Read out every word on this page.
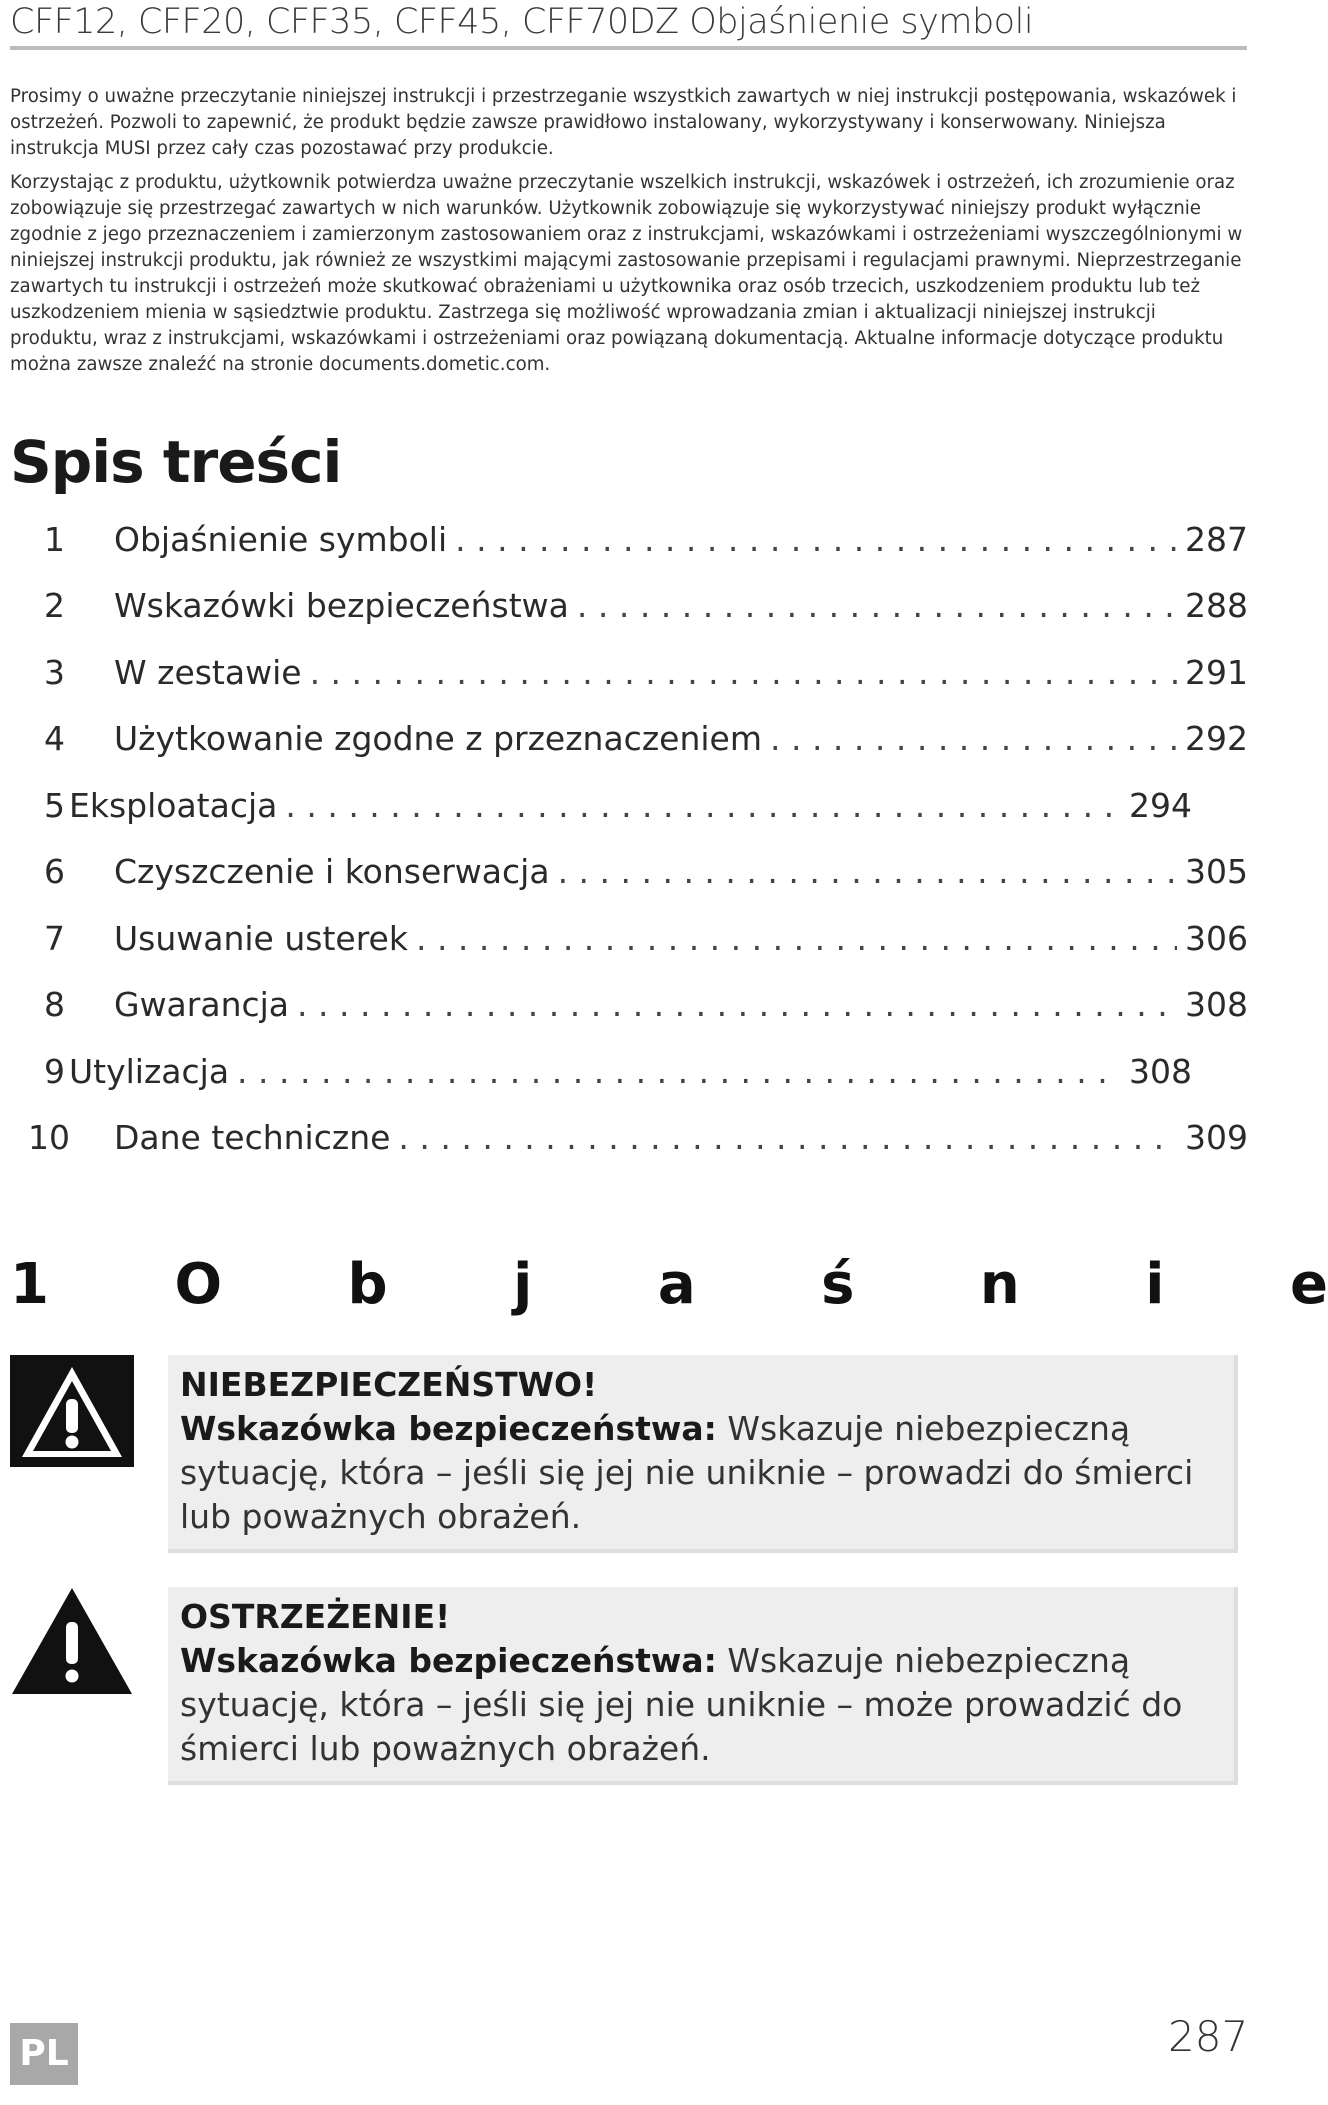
CFF12, CFF20, CFF35, CFF45, CFF70DZ Objaśnienie symboli

Prosimy o uważne przeczytanie niniejszej instrukcji i przestrzeganie wszystkich zawartych w niej instrukcji postępowania, wskazówek i ostrzeżeń. Pozwoli to zapewnić, że produkt będzie zawsze prawidłowo instalowany, wykorzystywany i konserwowany. Niniejsza instrukcja MUSI przez cały czas pozostawać przy produkcie.

Korzystając z produktu, użytkownik potwierdza uważne przeczytanie wszelkich instrukcji, wskazówek i ostrzeżeń, ich zrozumienie oraz zobowiązuje się przestrzegać zawartych w nich warunków. Użytkownik zobowiązuje się wykorzystywać niniejszy produkt wyłącznie zgodnie z jego przeznaczeniem i zamierzonym zastosowaniem oraz z instrukcjami, wskazówkami i ostrzeżeniami wyszczególnionymi w niniejszej instrukcji produktu, jak również ze wszystkimi mającymi zastosowanie przepisami i regulacjami prawnymi. Nieprzestrzeganie zawartych tu instrukcji i ostrzeżeń może skutkować obrażeniami u użytkownika oraz osób trzecich, uszkodzeniem produktu lub też uszkodzeniem mienia w sąsiedztwie produktu. Zastrzega się możliwość wprowadzania zmian i aktualizacji niniejszej instrukcji produktu, wraz z instrukcjami, wskazówkami i ostrzeżeniami oraz powiązaną dokumentacją. Aktualne informacje dotyczące produktu można zawsze znaleźć na stronie documents.dometic.com.

Spis treści
1	Objaśnienie symboli . . .	287
2	Wskazówki bezpieczeństwa . . .	288
3	W zestawie . . .	291
4	Użytkowanie zgodne z przeznaczeniem . . .	292
5 Eksploatacja . . .	294
6	Czyszczenie i konserwacja . . .	305
7	Usuwanie usterek . . .	306
8	Gwarancja . . .	308
9 Utylizacja . . .	308
10	Dane techniczne . . .	309
1 O b j a ś n i e
NIEBEZPIECZEŃSTWO!
Wskazówka bezpieczeństwa: Wskazuje niebezpieczną sytuację, która – jeśli się jej nie uniknie – prowadzi do śmierci lub poważnych obrażeń.
OSTRZEŻENIE!
Wskazówka bezpieczeństwa: Wskazuje niebezpieczną sytuację, która – jeśli się jej nie uniknie – może prowadzić do śmierci lub poważnych obrażeń.
PL	287
